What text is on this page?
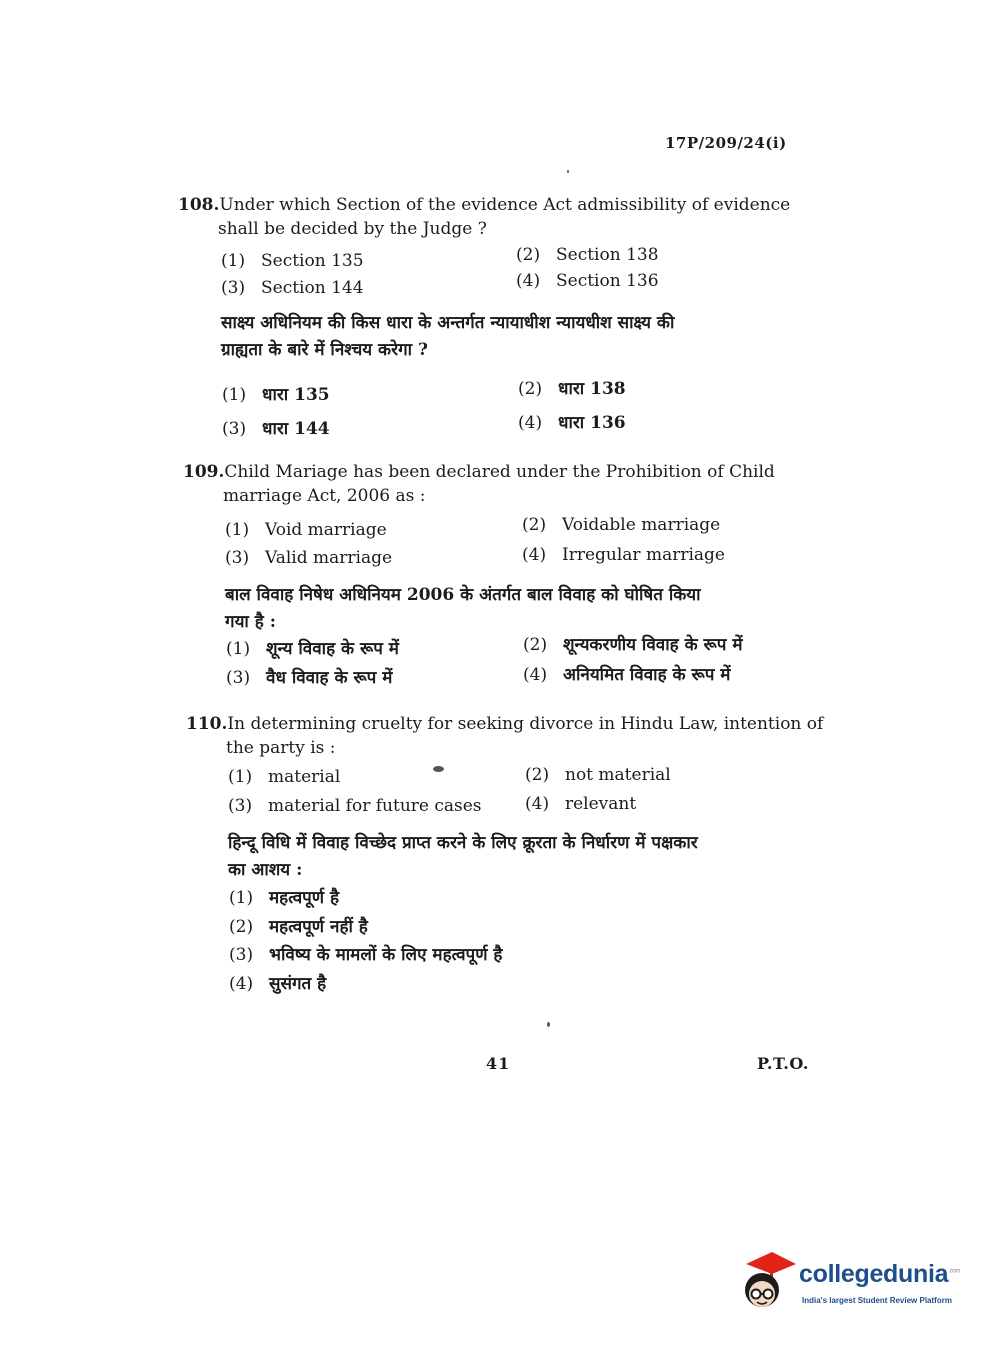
17P/209/24(i)
108.Under which Section of the evidence Act admissibility of evidence
shall be decided by the Judge ?
(1) Section 135	(2) Section 138
(3) Section 144	(4) Section 136
साक्ष्य अधिनियम की किस धारा के अन्तर्गत न्यायाधीश न्यायधीश साक्ष्य की
ग्राह्यता के बारे में निश्चय करेगा ?
(1) धारा 135	(2) धारा 138
(3) धारा 144	(4) धारा 136
109.Child Mariage has been declared under the Prohibition of Child
marriage Act, 2006 as :
(1) Void marriage	(2) Voidable marriage
(3) Valid marriage	(4) Irregular marriage
बाल विवाह निषेध अधिनियम 2006 के अंतर्गत बाल विवाह को घोषित किया
गया है :
(1) शून्य विवाह के रूप में	(2) शून्यकरणीय विवाह के रूप में
(3) वैध विवाह के रूप में	(4) अनियमित विवाह के रूप में
110.In determining cruelty for seeking divorce in Hindu Law, intention of
the party is :
(1) material	(2) not material
(3) material for future cases	(4) relevant
हिन्दू विधि में विवाह विच्छेद प्राप्त करने के लिए क्रूरता के निर्धारण में पक्षकार
का आशय :
(1) महत्वपूर्ण है
(2) महत्वपूर्ण नहीं है
(3) भविष्य के मामलों के लिए महत्वपूर्ण है
(4) सुसंगत है
41	P.T.O.
collegedunia$^{.com}$
India's largest Student Review Platform
